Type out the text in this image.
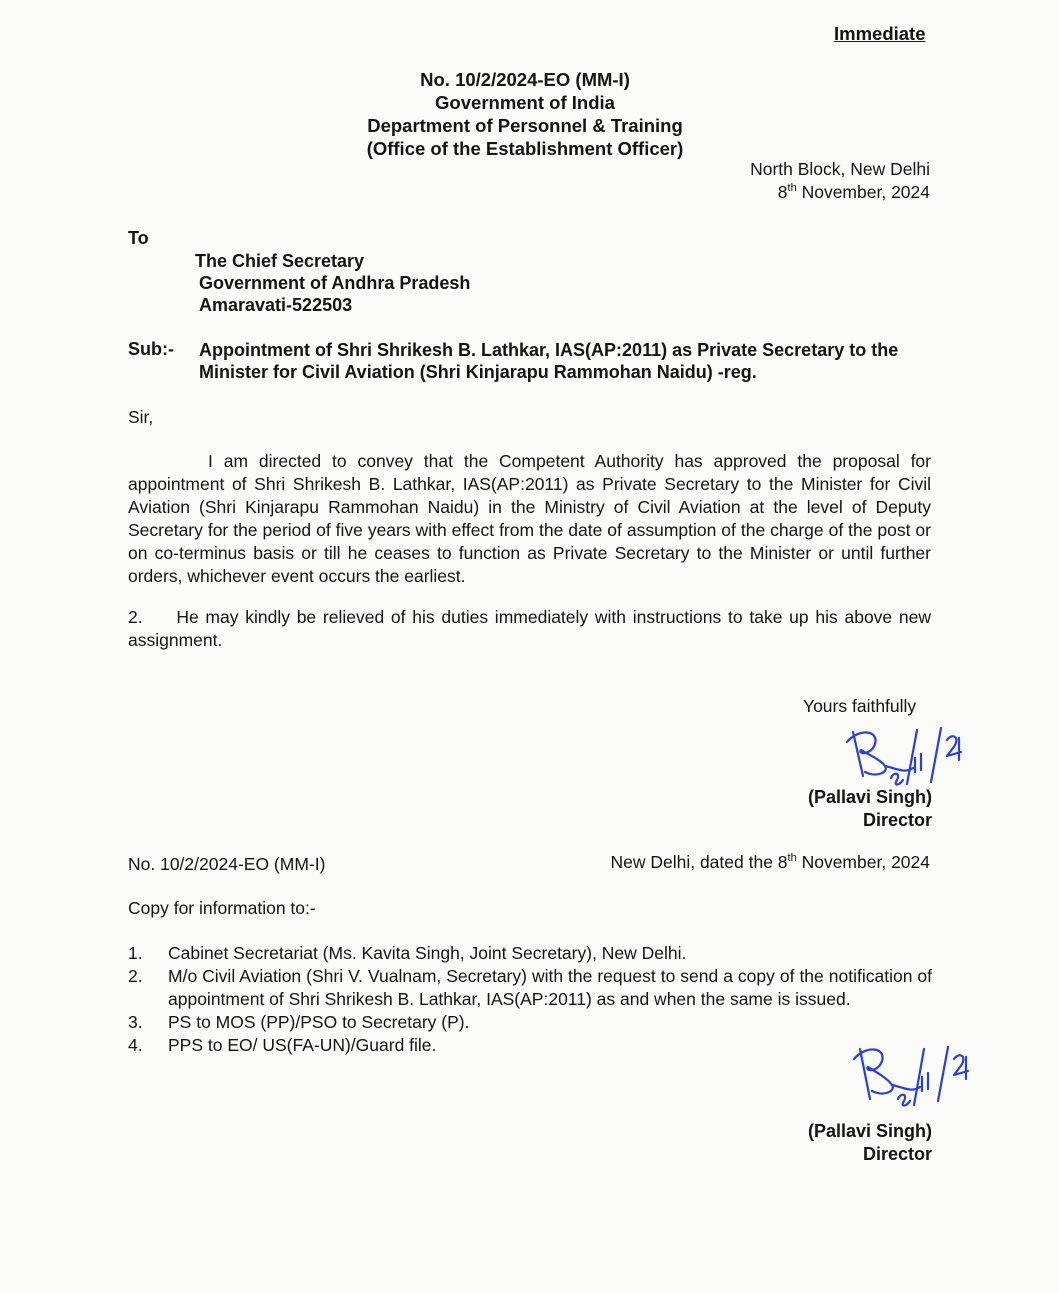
Immediate
No. 10/2/2024-EO (MM-I)
Government of India
Department of Personnel & Training
(Office of the Establishment Officer)
North Block, New Delhi
8th November, 2024
To
The Chief Secretary
Government of Andhra Pradesh
Amaravati-522503
Sub:- Appointment of Shri Shrikesh B. Lathkar, IAS(AP:2011) as Private Secretary to the Minister for Civil Aviation (Shri Kinjarapu Rammohan Naidu) -reg.
Sir,
I am directed to convey that the Competent Authority has approved the proposal for appointment of Shri Shrikesh B. Lathkar, IAS(AP:2011) as Private Secretary to the Minister for Civil Aviation (Shri Kinjarapu Rammohan Naidu) in the Ministry of Civil Aviation at the level of Deputy Secretary for the period of five years with effect from the date of assumption of the charge of the post or on co-terminus basis or till he ceases to function as Private Secretary to the Minister or until further orders, whichever event occurs the earliest.
2. He may kindly be relieved of his duties immediately with instructions to take up his above new assignment.
Yours faithfully
(Pallavi Singh)
Director
No. 10/2/2024-EO (MM-I)	New Delhi, dated the 8th November, 2024
Copy for information to:-
1. Cabinet Secretariat (Ms. Kavita Singh, Joint Secretary), New Delhi.
2. M/o Civil Aviation (Shri V. Vualnam, Secretary) with the request to send a copy of the notification of appointment of Shri Shrikesh B. Lathkar, IAS(AP:2011) as and when the same is issued.
3. PS to MOS (PP)/PSO to Secretary (P).
4. PPS to EO/ US(FA-UN)/Guard file.
(Pallavi Singh)
Director
